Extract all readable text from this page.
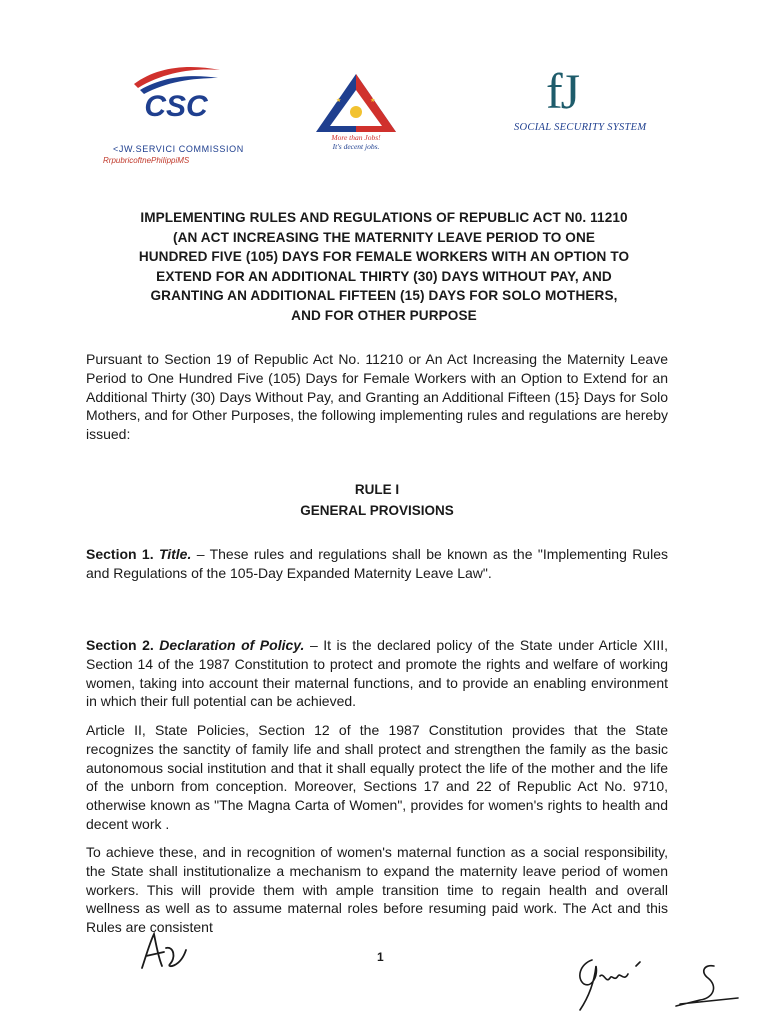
CSC
<JW.SERVICI COMMISSION
RrpubricoftnePhiIippiMS
★	★
More than Jobs!
It's decent jobs.
fJ
SOCIAL SECURITY SYSTEM
IMPLEMENTING RULES AND REGULATIONS OF REPUBLIC ACT N0. 11210
(AN ACT INCREASING THE MATERNITY LEAVE PERIOD TO ONE
HUNDRED FIVE (105) DAYS FOR FEMALE WORKERS WITH AN OPTION TO
EXTEND FOR AN ADDITIONAL THIRTY (30) DAYS WITHOUT PAY, AND
GRANTING AN ADDITIONAL FIFTEEN (15) DAYS FOR SOLO MOTHERS,
AND FOR OTHER PURPOSE
Pursuant to Section 19 of Republic Act No. 11210 or An Act Increasing the Maternity Leave Period to One Hundred Five (105) Days for Female Workers with an Option to Extend for an Additional Thirty (30) Days Without Pay, and Granting an Additional Fifteen (15} Days for Solo Mothers, and for Other Purposes, the following implementing rules and regulations are hereby issued:
RULE I
GENERAL PROVISIONS
Section 1. Title. – These rules and regulations shall be known as the "Implementing Rules and Regulations of the 105-Day Expanded Maternity Leave Law".
Section 2. Declaration of Policy. – It is the declared policy of the State under Article XIII, Section 14 of the 1987 Constitution to protect and promote the rights and welfare of working women, taking into account their maternal functions, and to provide an enabling environment in which their full potential can be achieved.
Article II, State Policies, Section 12 of the 1987 Constitution provides that the State recognizes the sanctity of family life and shall protect and strengthen the family as the basic autonomous social institution and that it shall equally protect the life of the mother and the life of the unborn from conception. Moreover, Sections 17 and 22 of Republic Act No. 9710, otherwise known as "The Magna Carta of Women", provides for women's rights to health and decent work .
To achieve these, and in recognition of women's maternal function as a social responsibility, the State shall institutionalize a mechanism to expand the maternity leave period of women workers. This will provide them with ample transition time to regain health and overall wellness as well as to assume maternal roles before resuming paid work. The Act and this Rules are consistent
1
